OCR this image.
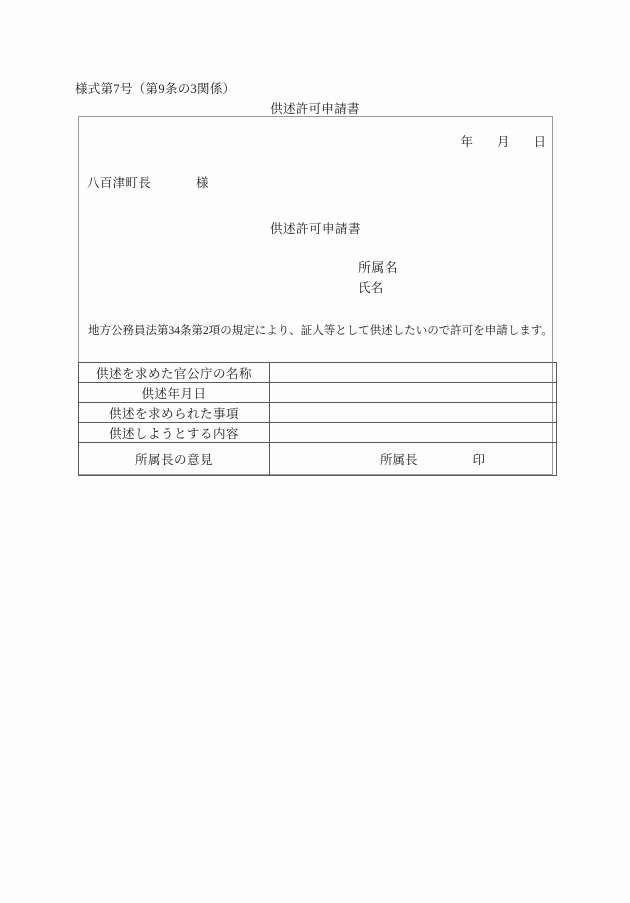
様式第7号（第9条の3関係）
供述許可申請書
年 月 日
八百津町長	様
供述許可申請書
所属名
氏名
地方公務員法第34条第2項の規定により、証人等として供述したいので許可を申請します。
供述を求めた官公庁の名称	
供述年月日	
供述を求められた事項	
供述しようとする内容	
所属長の意見	所属長 印
